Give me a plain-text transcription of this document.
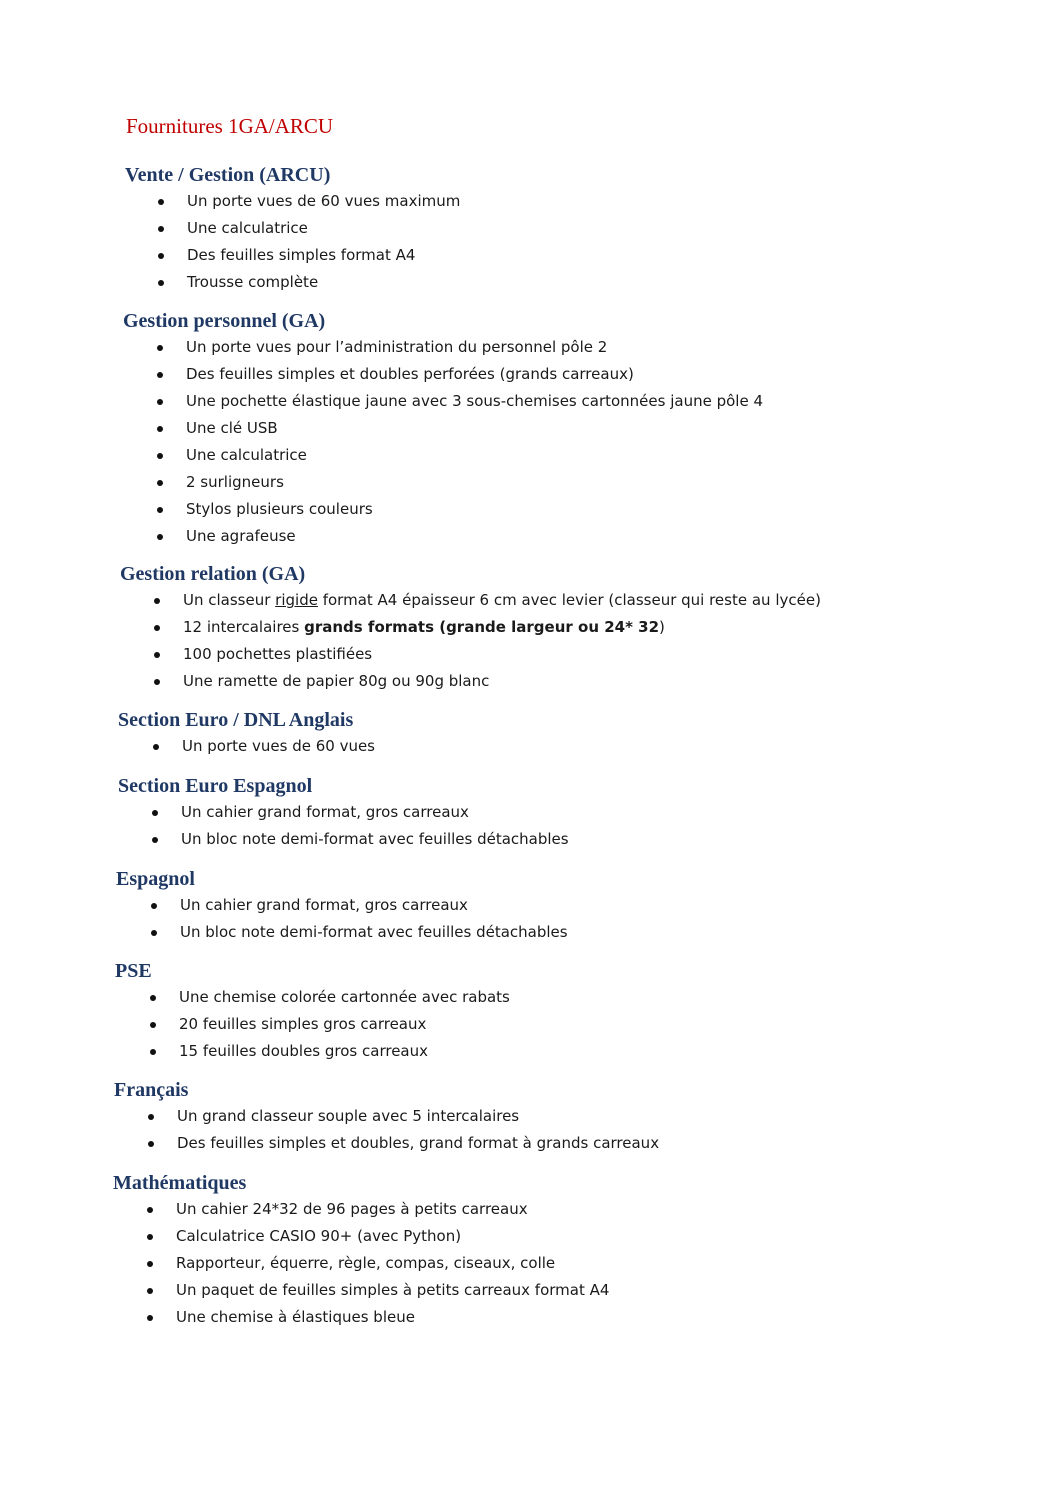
Fournitures 1GA/ARCU
Vente / Gestion (ARCU)
Un porte vues de 60 vues maximum
Une calculatrice
Des feuilles simples format A4
Trousse complète
Gestion personnel (GA)
Un porte vues pour l’administration du personnel pôle 2
Des feuilles simples et doubles perforées (grands carreaux)
Une pochette élastique jaune avec 3 sous-chemises cartonnées jaune pôle 4
Une clé USB
Une calculatrice
2 surligneurs
Stylos plusieurs couleurs
Une agrafeuse
Gestion relation (GA)
Un classeur rigide format A4 épaisseur 6 cm avec levier (classeur qui reste au lycée)
12 intercalaires grands formats (grande largeur ou 24* 32)
100 pochettes plastifiées
Une ramette de papier 80g ou 90g blanc
Section Euro / DNL Anglais
Un porte vues de 60 vues
Section Euro Espagnol
Un cahier grand format, gros carreaux
Un bloc note demi-format avec feuilles détachables
Espagnol
Un cahier grand format, gros carreaux
Un bloc note demi-format avec feuilles détachables
PSE
Une chemise colorée cartonnée avec rabats
20 feuilles simples gros carreaux
15 feuilles doubles gros carreaux
Français
Un grand classeur souple avec 5 intercalaires
Des feuilles simples et doubles, grand format à grands carreaux
Mathématiques
Un cahier 24*32 de 96 pages à petits carreaux
Calculatrice CASIO 90+ (avec Python)
Rapporteur, équerre, règle, compas, ciseaux, colle
Un paquet de feuilles simples à petits carreaux format A4
Une chemise à élastiques bleue
